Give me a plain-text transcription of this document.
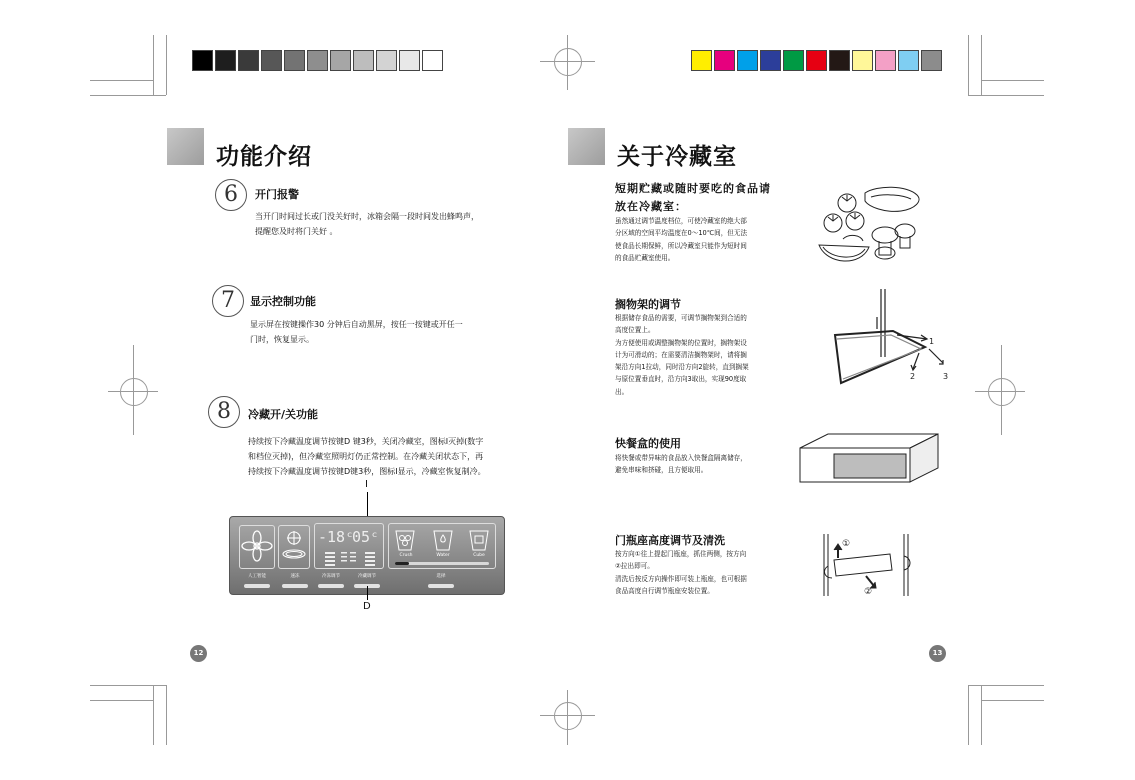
功能介绍
6	开门报警
当开门时间过长或门没关好时，冰箱会隔一段时间发出蜂鸣声，
提醒您及时将门关好 。
7	显示控制功能
显示屏在按键操作30 分钟后自动黑屏，按任一按键或开任一
门时，恢复显示。
8	冷藏开/关功能
持续按下冷藏温度调节按键D 键3秒，关闭冷藏室，图标I灭掉(数字
和档位灭掉)，但冷藏室照明灯仍正常控制。在冷藏关闭状态下，再
持续按下冷藏温度调节按键D键3秒，图标I显示，冷藏室恢复制冷。
I
-18ᶜ
05ᶜ
Crush	Water	Cube
人工智能	速冻	冷冻调节	冷藏调节	选择
D
12
关于冷藏室
短期贮藏或随时要吃的食品请
放在冷藏室：
虽然通过调节温度档位，可使冷藏室的绝大部
分区域的空间平均温度在0～10℃间，但无法
使食品长期保鲜，所以冷藏室只能作为短时间
的食品贮藏室使用。
搁物架的调节
根据储存食品的需要，可调节搁物架到合适的
高度位置上。
为方便使用或调整搁物架的位置时，搁物架设
计为可滑动的；在需要清洁搁物架时，请将搁
架沿方向1拉动，同时沿方向2旋转，直到搁架
与原位置垂直时，沿方向3取出，实现90度取
出。
1
2	3
快餐盒的使用
将快餐或带异味的食品放入快餐盒隔离储存，
避免串味和挤碰，且方便取用。
门瓶座高度调节及清洗
按方向①往上提起门瓶座，抓住两侧，按方向
②拉出即可。
清洗后按反方向操作即可装上瓶座，也可根据
食品高度自行调节瓶座安装位置。
①
②
13
